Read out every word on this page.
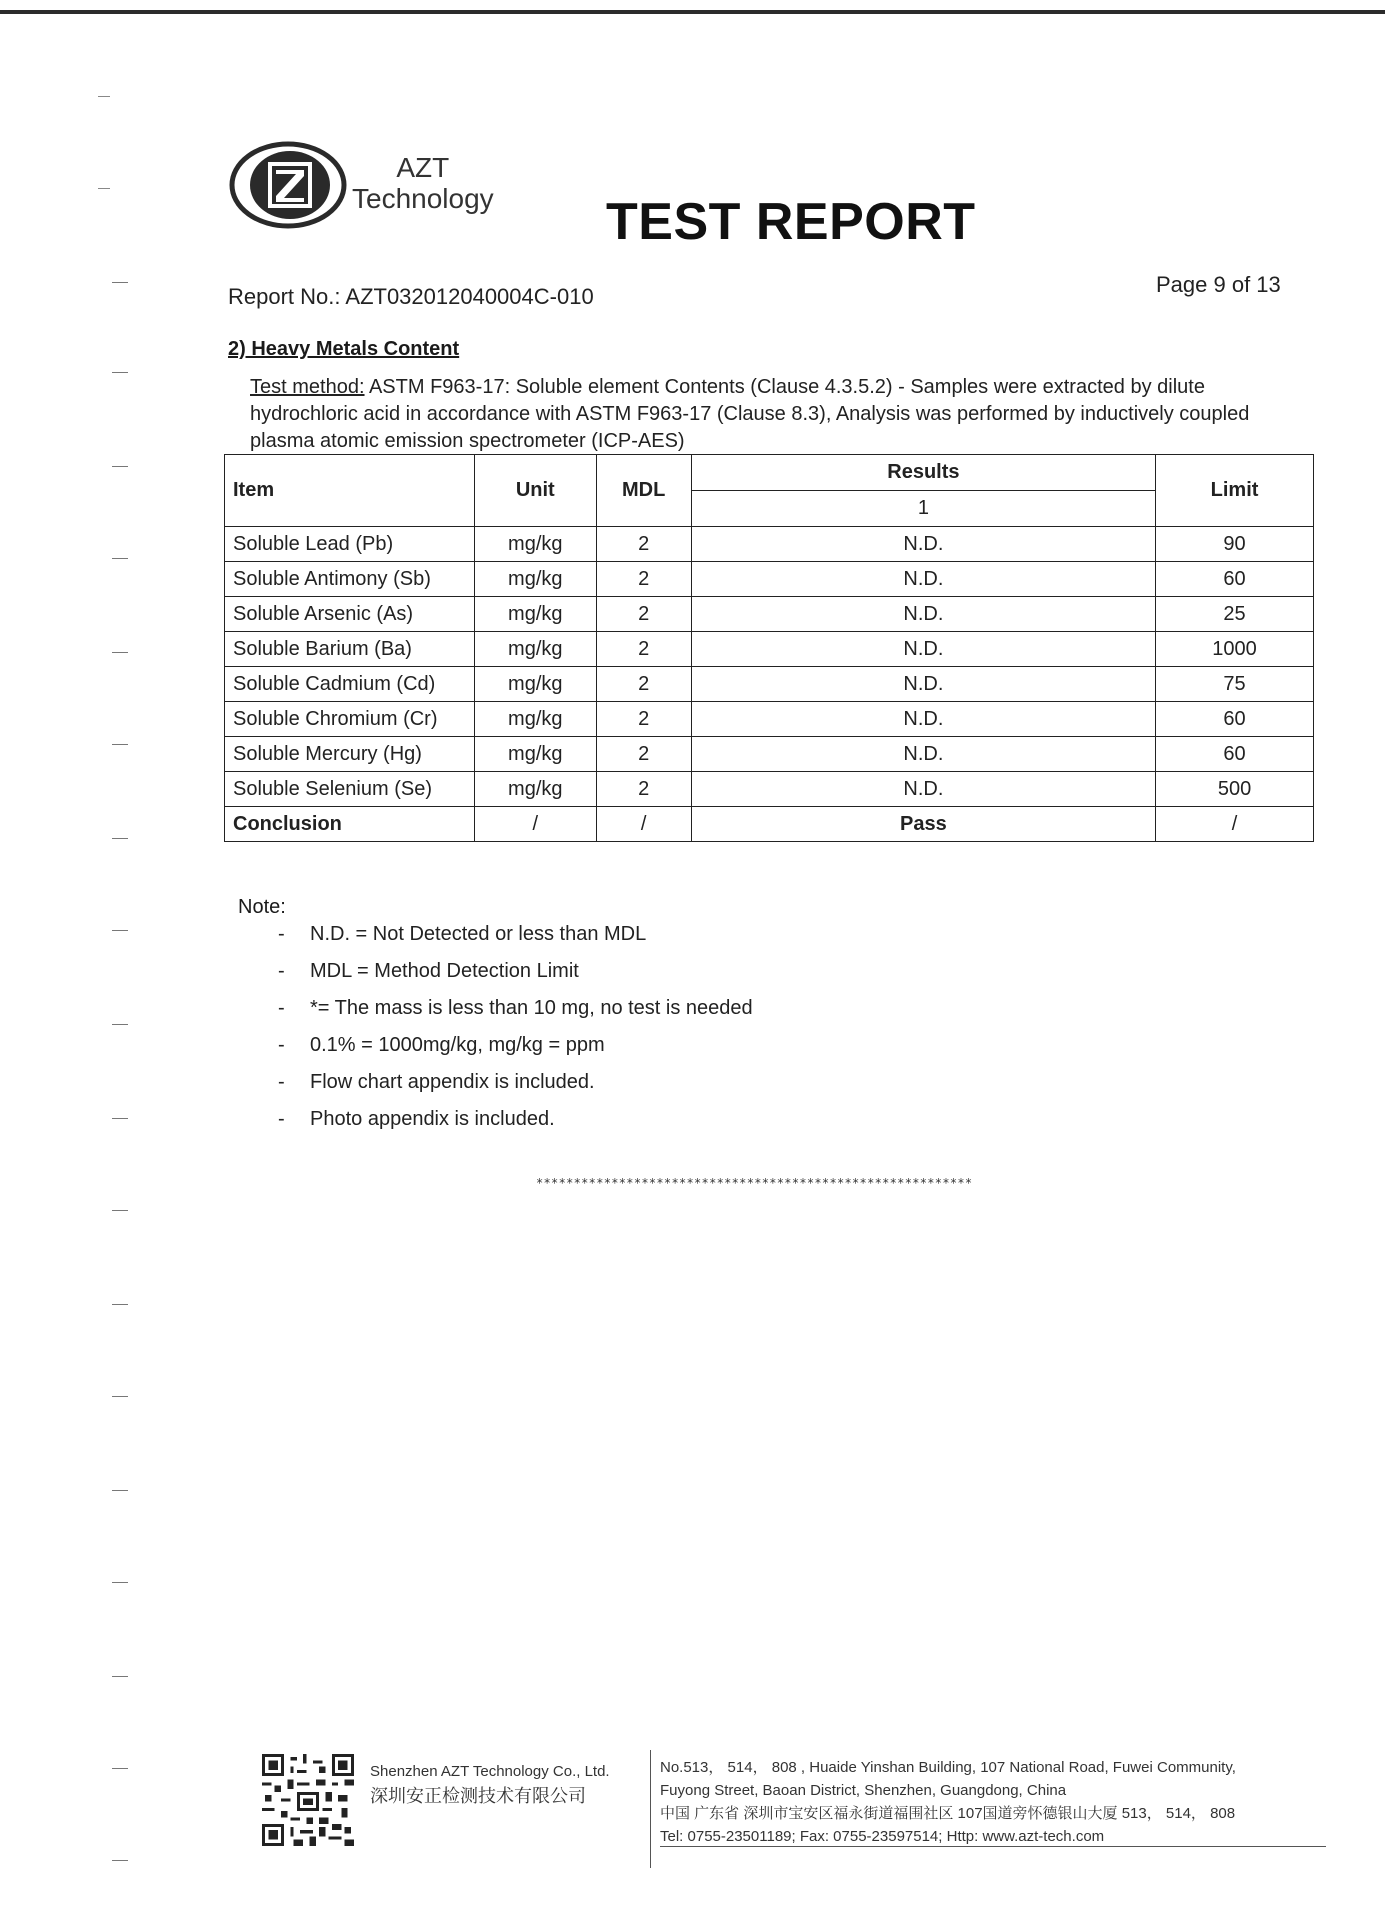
AZT
Technology TEST REPORT
Report No.: AZT032012040004C-010	Page 9 of 13
2) Heavy Metals Content
Test method: ASTM F963-17: Soluble element Contents (Clause 4.3.5.2) - Samples were extracted by dilute hydrochloric acid in accordance with ASTM F963-17 (Clause 8.3), Analysis was performed by inductively coupled plasma atomic emission spectrometer (ICP-AES)
Item	Unit	MDL	Results	Limit
			1	
Soluble Lead (Pb)	mg/kg	2	N.D.	90
Soluble Antimony (Sb)	mg/kg	2	N.D.	60
Soluble Arsenic (As)	mg/kg	2	N.D.	25
Soluble Barium (Ba)	mg/kg	2	N.D.	1000
Soluble Cadmium (Cd)	mg/kg	2	N.D.	75
Soluble Chromium (Cr)	mg/kg	2	N.D.	60
Soluble Mercury (Hg)	mg/kg	2	N.D.	60
Soluble Selenium (Se)	mg/kg	2	N.D.	500
Conclusion	/	/	Pass	/
Note:
- N.D. = Not Detected or less than MDL
- MDL = Method Detection Limit
- *= The mass is less than 10 mg, no test is needed
- 0.1% = 1000mg/kg, mg/kg = ppm
- Flow chart appendix is included.
- Photo appendix is included.
**********************************************************
Shenzhen AZT Technology Co., Ltd.
深圳安正检测技术有限公司
No.513， 514， 808 , Huaide Yinshan Building, 107 National Road, Fuwei Community,
Fuyong Street, Baoan District, Shenzhen, Guangdong, China
中国 广东省 深圳市宝安区福永街道福围社区 107国道旁怀德银山大厦 513， 514， 808
Tel: 0755-23501189; Fax: 0755-23597514; Http: www.azt-tech.com
